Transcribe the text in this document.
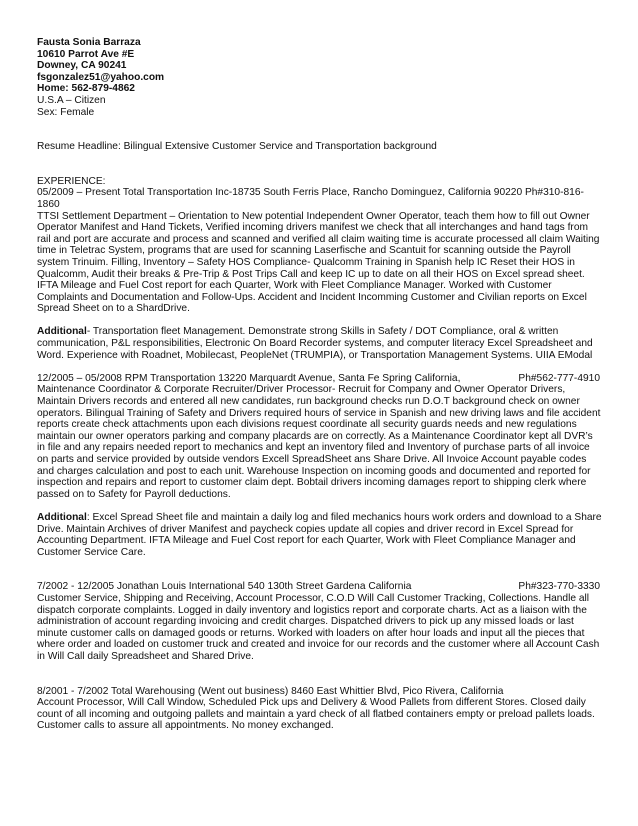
Fausta Sonia Barraza
10610 Parrot Ave #E
Downey, CA 90241
fsgonzalez51@yahoo.com
Home: 562-879-4862
U.S.A – Citizen
Sex: Female
Resume Headline: Bilingual Extensive Customer Service and Transportation background
EXPERIENCE:

05/2009 – Present Total Transportation Inc-18735 South Ferris Place, Rancho Dominguez, California 90220 Ph#310-816-1860

TTSI Settlement Department – Orientation to New potential Independent Owner Operator, teach them how to fill out Owner Operator Manifest and Hand Tickets, Verified incoming drivers manifest we check that all interchanges and hand tags from rail and port are accurate and process and scanned and verified all claim waiting time is accurate processed all claim Waiting time in Teletrac System, programs that are used for scanning Laserfische and Scantuit for scanning outside the Payroll system Trinuim. Filling, Inventory – Safety HOS Compliance- Qualcomm Training in Spanish help IC Reset their HOS in Qualcomm, Audit their breaks & Pre-Trip & Post Trips Call and keep IC up to date on all their HOS on Excel spread sheet. IFTA Mileage and Fuel Cost report for each Quarter, Work with Fleet Compliance Manager. Worked with Customer Complaints and Documentation and Follow-Ups. Accident and Incident Incomming Customer and Civilian reports on Excel Spread Sheet on to a ShardDrive.

Additional- Transportation fleet Management. Demonstrate strong Skills in Safety / DOT Compliance, oral & written communication, P&L responsibilities, Electronic On Board Recorder systems, and computer literacy Excel Spreadsheet and Word. Experience with Roadnet, Mobilecast, PeopleNet (TRUMPIA), or Transportation Management Systems. UIIA EModal

12/2005 – 05/2008 RPM Transportation 13220 Marquardt Avenue, Santa Fe Spring California,	Ph#562-777-4910

Maintenance Coordinator & Corporate Recruiter/Driver Processor- Recruit for Company and Owner Operator Drivers, Maintain Drivers records and entered all new candidates, run background checks run D.O.T background check on owner operators. Bilingual Training of Safety and Drivers required hours of service in Spanish and new driving laws and file accident reports create check attachments upon each divisions request coordinate all security guards needs and new regulations maintain our owner operators parking and company placards are on correctly. As a Maintenance Coordinator kept all DVR’s in file and any repairs needed report to mechanics and kept an inventory filed and Inventory of purchase parts of all invoice on parts and service provided by outside vendors Excell SpreadSheet ans Share Drive. All Invoice Account payable codes and charges calculation and post to each unit. Warehouse Inspection on incoming goods and documented and reported for inspection and repairs and report to customer claim dept. Bobtail drivers incoming damages report to shipping clerk where passed on to Safety for Payroll deductions.

Additional: Excel Spread Sheet file and maintain a daily log and filed mechanics hours work orders and download to a Share Drive. Maintain Archives of driver Manifest and paycheck copies update all copies and driver record in Excel Spread for Accounting Department. IFTA Mileage and Fuel Cost report for each Quarter, Work with Fleet Compliance Manager and Customer Service Care.

7/2002 - 12/2005 Jonathan Louis International 540 130th Street Gardena California	Ph#323-770-3330

Customer Service, Shipping and Receiving, Account Processor, C.O.D Will Call Customer Tracking, Collections. Handle all dispatch corporate complaints. Logged in daily inventory and logistics report and corporate charts. Act as a liaison with the administration of account regarding invoicing and credit charges. Dispatched drivers to pick up any missed loads or last minute customer calls on damaged goods or returns. Worked with loaders on after hour loads and input all the pieces that where order and loaded on customer truck and created and invoice for our records and the customer where all Account Cash in Will Call daily Spreadsheet and Shared Drive.

8/2001 - 7/2002 Total Warehousing (Went out business) 8460 East Whittier Blvd, Pico Rivera, California

Account Processor, Will Call Window, Scheduled Pick ups and Delivery & Wood Pallets from different Stores. Closed daily count of all incoming and outgoing pallets and maintain a yard check of all flatbed containers empty or preload pallets loads. Customer calls to assure all appointments. No money exchanged.
